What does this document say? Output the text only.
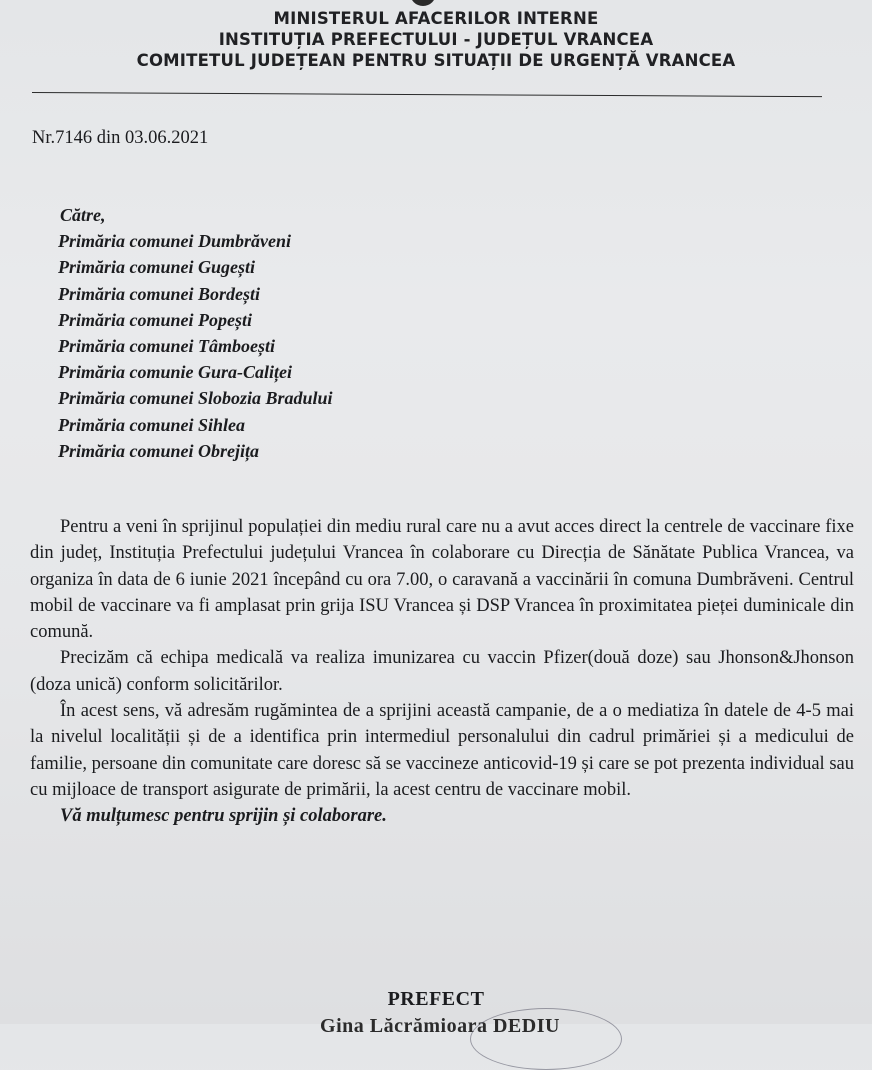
MINISTERUL AFACERILOR INTERNE
INSTITUȚIA PREFECTULUI - JUDEȚUL VRANCEA
COMITETUL JUDEȚEAN PENTRU SITUAȚII DE URGENȚĂ VRANCEA
Nr.7146 din 03.06.2021
Către,
Primăria comunei Dumbrăveni
Primăria comunei Gugești
Primăria comunei Bordești
Primăria comunei Popești
Primăria comunei Tâmboești
Primăria comunie Gura-Caliței
Primăria comunei Slobozia Bradului
Primăria comunei Sihlea
Primăria comunei Obrejița

Pentru a veni în sprijinul populației din mediu rural care nu a avut acces direct la centrele de vaccinare fixe din județ, Instituția Prefectului județului Vrancea în colaborare cu Direcția de Sănătate Publica Vrancea, va organiza în data de 6 iunie 2021 începând cu ora 7.00, o caravană a vaccinării în comuna Dumbrăveni. Centrul mobil de vaccinare va fi amplasat prin grija ISU Vrancea și DSP Vrancea în proximitatea pieței duminicale din comună.

Precizăm că echipa medicală va realiza imunizarea cu vaccin Pfizer(două doze) sau Jhonson&Jhonson (doza unică) conform solicitărilor.

În acest sens, vă adresăm rugămintea de a sprijini această campanie, de a o mediatiza în datele de 4-5 mai la nivelul localității și de a identifica prin intermediul personalului din cadrul primăriei și a medicului de familie, persoane din comunitate care doresc să se vaccineze anticovid-19 și care se pot prezenta individual sau cu mijloace de transport asigurate de primării, la acest centru de vaccinare mobil.

Vă mulțumesc pentru sprijin și colaborare.

PREFECT
Gina Lăcrămioara DEDIU
